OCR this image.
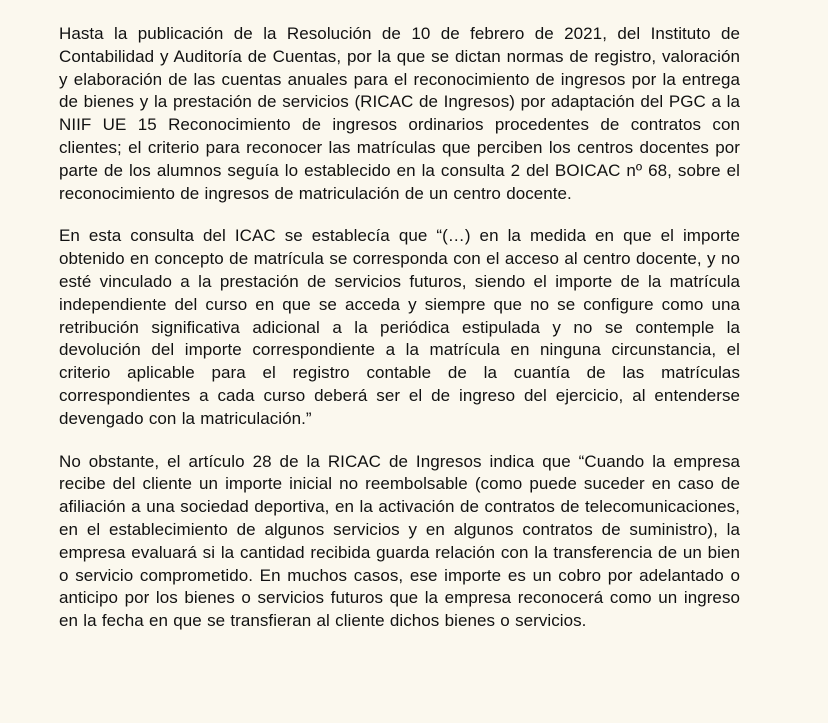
Hasta la publicación de la Resolución de 10 de febrero de 2021, del Instituto de Contabilidad y Auditoría de Cuentas, por la que se dictan normas de registro, valoración y elaboración de las cuentas anuales para el reconocimiento de ingresos por la entrega de bienes y la prestación de servicios (RICAC de Ingresos) por adaptación del PGC a la NIIF UE 15 Reconocimiento de ingresos ordinarios procedentes de contratos con clientes; el criterio para reconocer las matrículas que perciben los centros docentes por parte de los alumnos seguía lo establecido en la consulta 2 del BOICAC nº 68, sobre el reconocimiento de ingresos de matriculación de un centro docente.

En esta consulta del ICAC se establecía que “(…) en la medida en que el importe obtenido en concepto de matrícula se corresponda con el acceso al centro docente, y no esté vinculado a la prestación de servicios futuros, siendo el importe de la matrícula independiente del curso en que se acceda y siempre que no se configure como una retribución significativa adicional a la periódica estipulada y no se contemple la devolución del importe correspondiente a la matrícula en ninguna circunstancia, el criterio aplicable para el registro contable de la cuantía de las matrículas correspondientes a cada curso deberá ser el de ingreso del ejercicio, al entenderse devengado con la matriculación.”

No obstante, el artículo 28 de la RICAC de Ingresos indica que “Cuando la empresa recibe del cliente un importe inicial no reembolsable (como puede suceder en caso de afiliación a una sociedad deportiva, en la activación de contratos de telecomunicaciones, en el establecimiento de algunos servicios y en algunos contratos de suministro), la empresa evaluará si la cantidad recibida guarda relación con la transferencia de un bien o servicio comprometido. En muchos casos, ese importe es un cobro por adelantado o anticipo por los bienes o servicios futuros que la empresa reconocerá como un ingreso en la fecha en que se transfieran al cliente dichos bienes o servicios.
